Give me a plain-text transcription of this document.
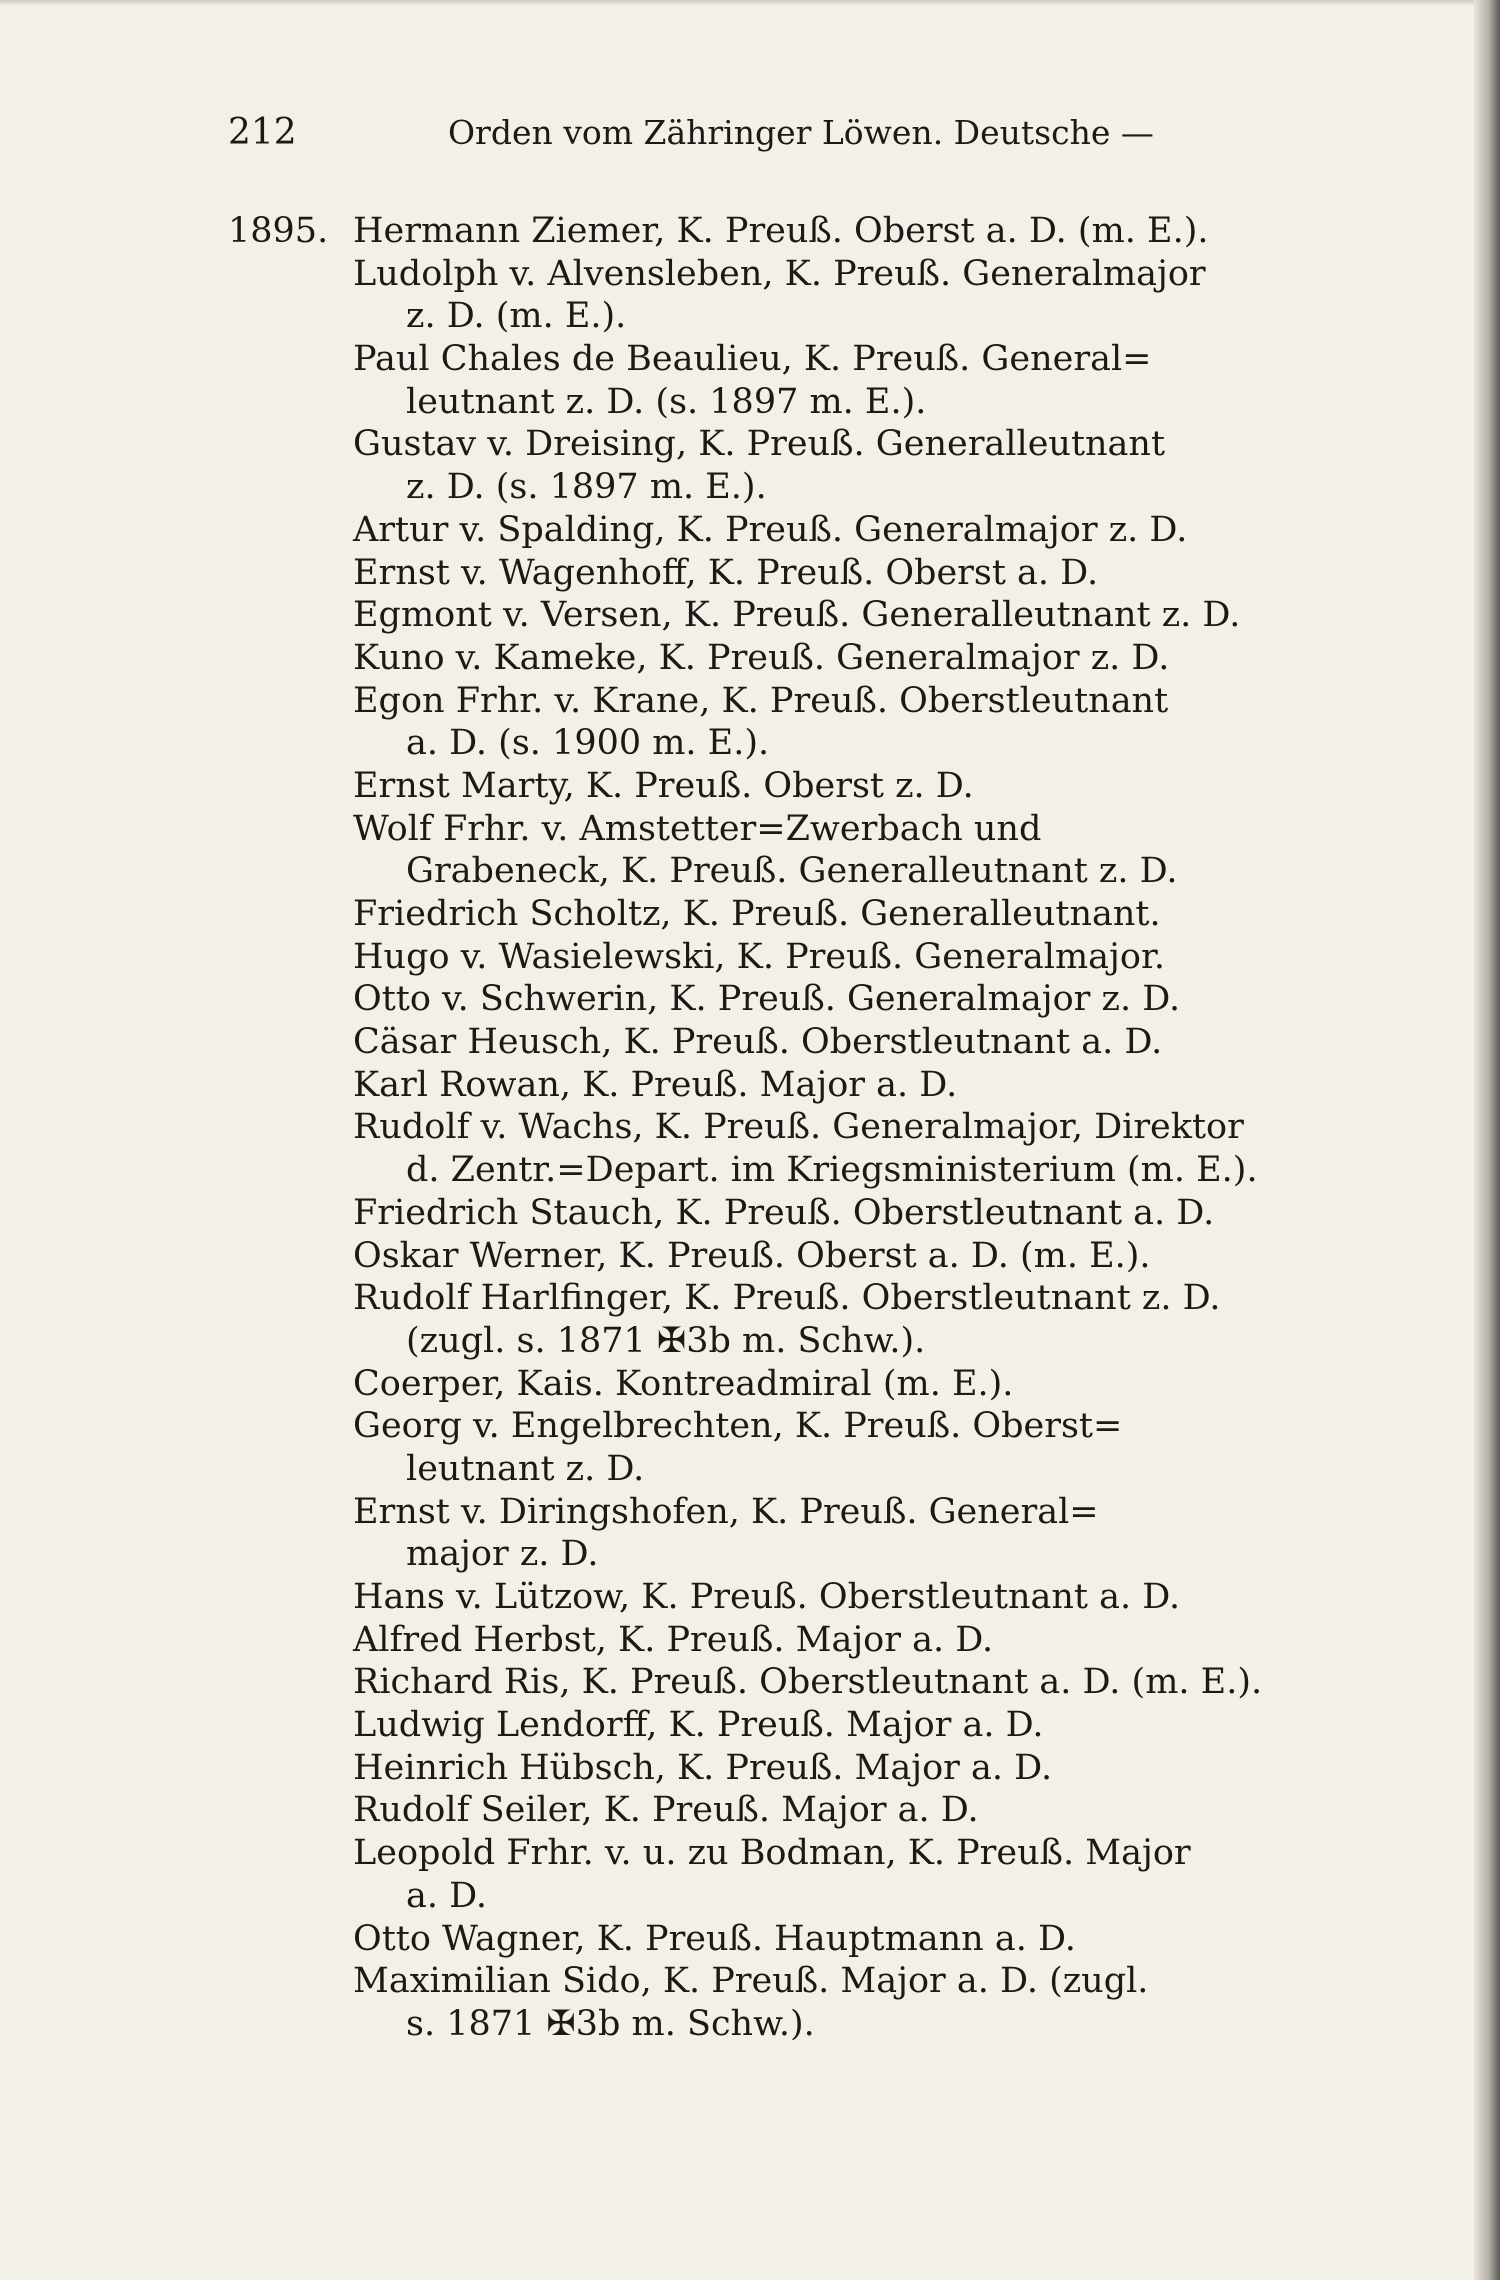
212	Orden vom Zähringer Löwen. Deutsche —
1895. Hermann Ziemer, K. Preuß. Oberst a. D. (m. E.).
Ludolph v. Alvensleben, K. Preuß. Generalmajor
z. D. (m. E.).
Paul Chales de Beaulieu, K. Preuß. General=
leutnant z. D. (s. 1897 m. E.).
Gustav v. Dreising, K. Preuß. Generalleutnant
z. D. (s. 1897 m. E.).
Artur v. Spalding, K. Preuß. Generalmajor z. D.
Ernst v. Wagenhoff, K. Preuß. Oberst a. D.
Egmont v. Versen, K. Preuß. Generalleutnant z. D.
Kuno v. Kameke, K. Preuß. Generalmajor z. D.
Egon Frhr. v. Krane, K. Preuß. Oberstleutnant
a. D. (s. 1900 m. E.).
Ernst Marty, K. Preuß. Oberst z. D.
Wolf Frhr. v. Amstetter=Zwerbach und
Grabeneck, K. Preuß. Generalleutnant z. D.
Friedrich Scholtz, K. Preuß. Generalleutnant.
Hugo v. Wasielewski, K. Preuß. Generalmajor.
Otto v. Schwerin, K. Preuß. Generalmajor z. D.
Cäsar Heusch, K. Preuß. Oberstleutnant a. D.
Karl Rowan, K. Preuß. Major a. D.
Rudolf v. Wachs, K. Preuß. Generalmajor, Direktor
d. Zentr.=Depart. im Kriegsministerium (m. E.).
Friedrich Stauch, K. Preuß. Oberstleutnant a. D.
Oskar Werner, K. Preuß. Oberst a. D. (m. E.).
Rudolf Harlfinger, K. Preuß. Oberstleutnant z. D.
(zugl. s. 1871 ✠3b m. Schw.).
Coerper, Kais. Kontreadmiral (m. E.).
Georg v. Engelbrechten, K. Preuß. Oberst=
leutnant z. D.
Ernst v. Diringshofen, K. Preuß. General=
major z. D.
Hans v. Lützow, K. Preuß. Oberstleutnant a. D.
Alfred Herbst, K. Preuß. Major a. D.
Richard Ris, K. Preuß. Oberstleutnant a. D. (m. E.).
Ludwig Lendorff, K. Preuß. Major a. D.
Heinrich Hübsch, K. Preuß. Major a. D.
Rudolf Seiler, K. Preuß. Major a. D.
Leopold Frhr. v. u. zu Bodman, K. Preuß. Major
a. D.
Otto Wagner, K. Preuß. Hauptmann a. D.
Maximilian Sido, K. Preuß. Major a. D. (zugl.
s. 1871 ✠3b m. Schw.).
